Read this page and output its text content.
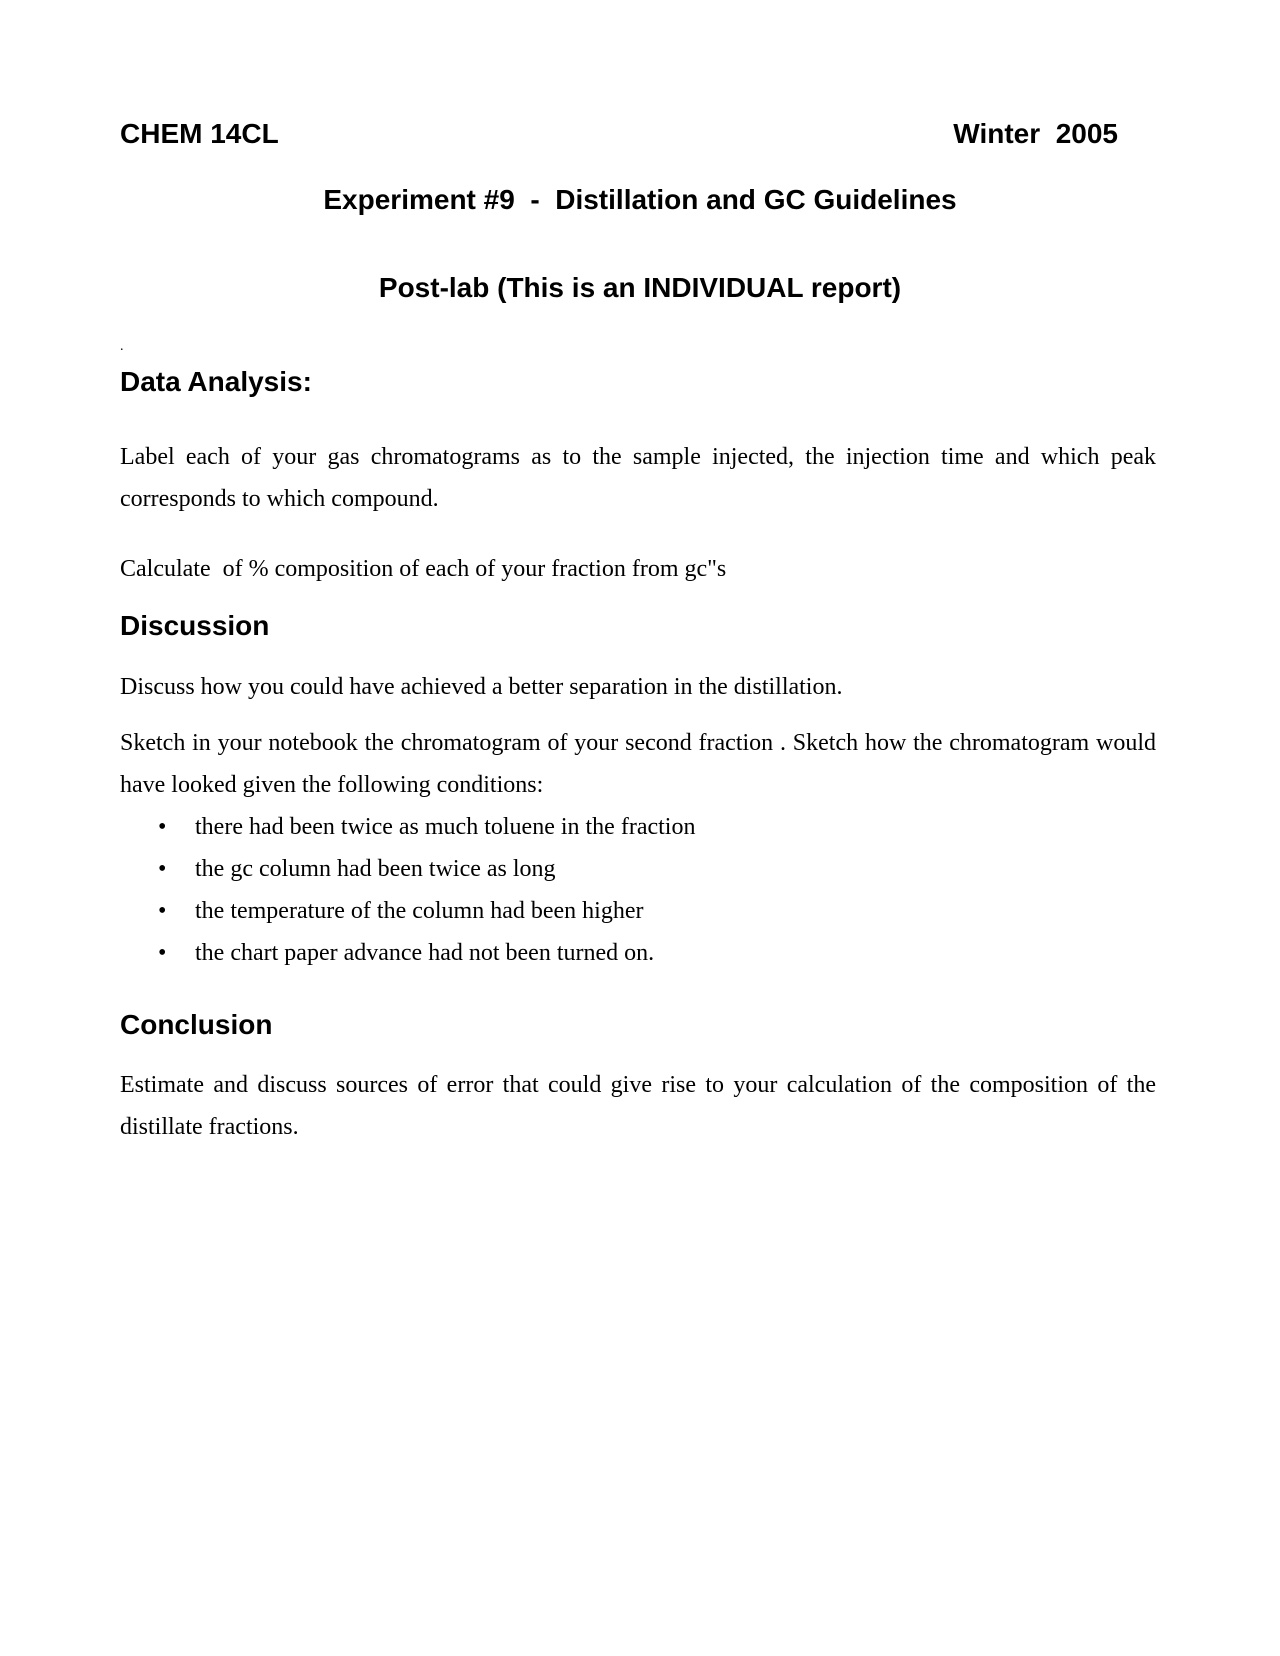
CHEM 14CL	Winter  2005
Experiment #9  -  Distillation and GC Guidelines
Post-lab (This is an INDIVIDUAL report)
.
Data Analysis:
Label each of your gas chromatograms as to the sample injected, the injection time and which peak corresponds to which compound.
Calculate  of % composition of each of your fraction from gc"s
Discussion
Discuss how you could have achieved a better separation in the distillation.
Sketch in your notebook the chromatogram of your second fraction . Sketch how the chromatogram would have looked given the following conditions:
• there had been twice as much toluene in the fraction
• the gc column had been twice as long
• the temperature of the column had been higher
• the chart paper advance had not been turned on.
Conclusion
Estimate and discuss sources of error that could give rise to your calculation of the composition of the distillate fractions.
